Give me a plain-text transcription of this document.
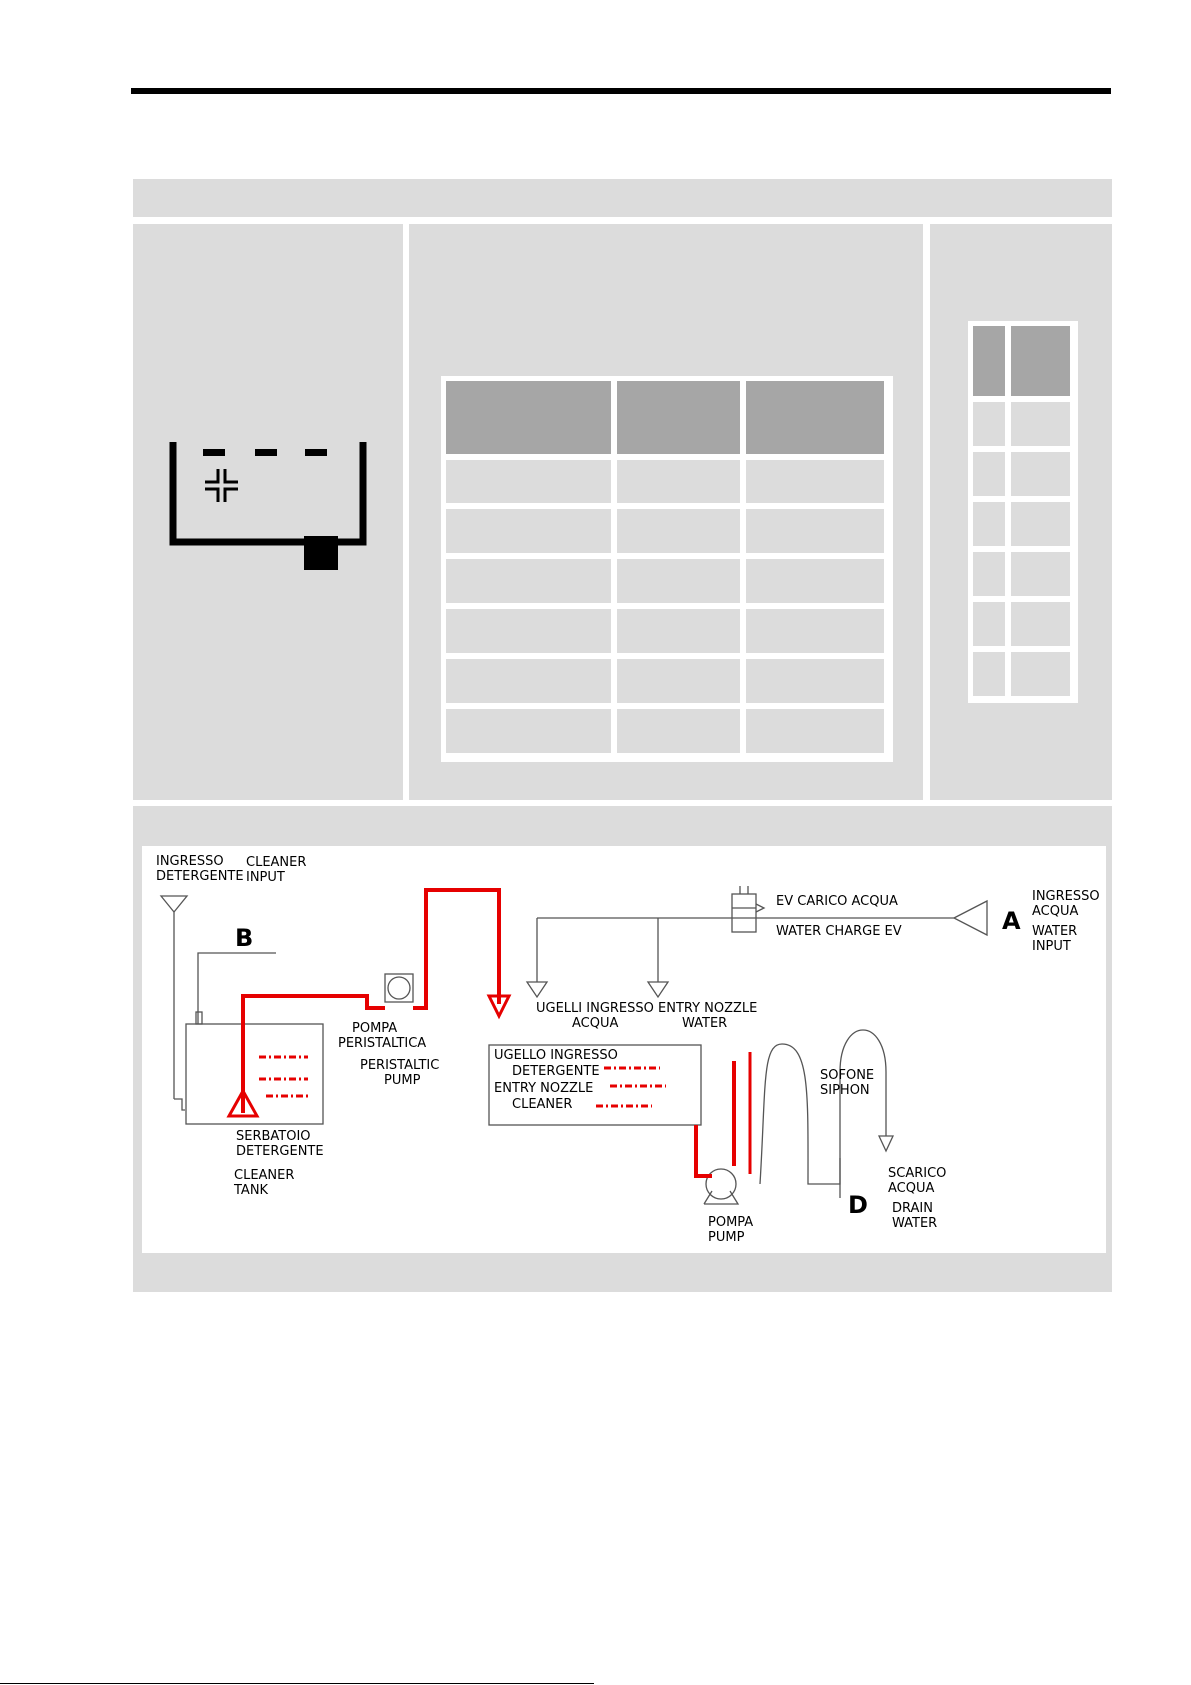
INGRESSO
DETERGENTE
CLEANER
INPUT
B
POMPA
PERISTALTICA
PERISTALTIC
PUMP
SERBATOIO
DETERGENTE
CLEANER
TANK
EV CARICO ACQUA
WATER CHARGE EV
INGRESSO
ACQUA
A WATER
INPUT
UGELLI INGRESSO
ACQUA
ENTRY NOZZLE
WATER
UGELLO INGRESSO
DETERGENTE
ENTRY NOZZLE
CLEANER
SOFONE
SIPHON
SCARICO
ACQUA
D DRAIN
WATER
POMPA
PUMP
